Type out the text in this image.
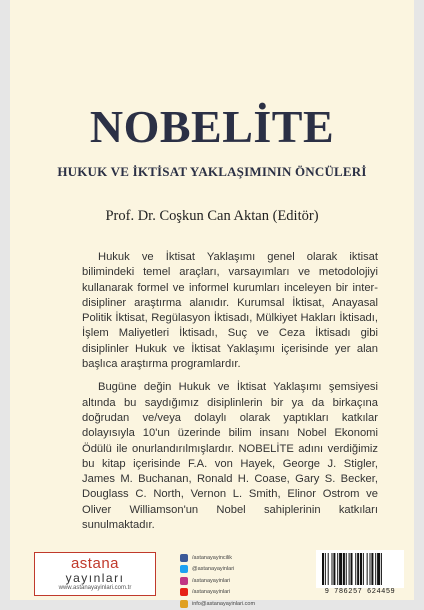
NOBELİTE
HUKUK VE İKTİSAT YAKLAŞIMININ ÖNCÜLERİ
Prof. Dr. Coşkun Can Aktan (Editör)

Hukuk ve İktisat Yaklaşımı genel olarak iktisat bilimindeki temel araçları, varsayımları ve metodolojiyi kullanarak formel ve informel kurumları inceleyen bir inter-disipliner araştırma alanıdır. Kurumsal İktisat, Anayasal Politik İktisat, Regülasyon İktisadı, Mülkiyet Hakları İktisadı, İşlem Maliyetleri İktisadı, Suç ve Ceza İktisadı gibi disiplinler Hukuk ve İktisat Yaklaşımı içerisinde yer alan başlıca araştırma programlardır.

Bugüne değin Hukuk ve İktisat Yaklaşımı şemsiyesi altında bu saydığımız disiplinlerin bir ya da birkaçına doğrudan ve/veya dolaylı olarak yaptıkları katkılar dolayısıyla 10'un üzerinde bilim insanı Nobel Ekonomi Ödülü ile onurlandırılmışlardır. NOBELİTE adını verdiğimiz bu kitap içerisinde F.A. von Hayek, George J. Stigler, James M. Buchanan, Ronald H. Coase, Gary S. Becker, Douglass C. North, Vernon L. Smith, Elinor Ostrom ve Oliver Williamson'un Nobel sahiplerinin katkıları sunulmaktadır.

astana
yayınları
www.astanayayinlari.com.tr
/astanayayincilik
@astanayayinlari
/astanayayinlari
/astanayayinlari
info@astanayayinlari.com
9 786257 624459
